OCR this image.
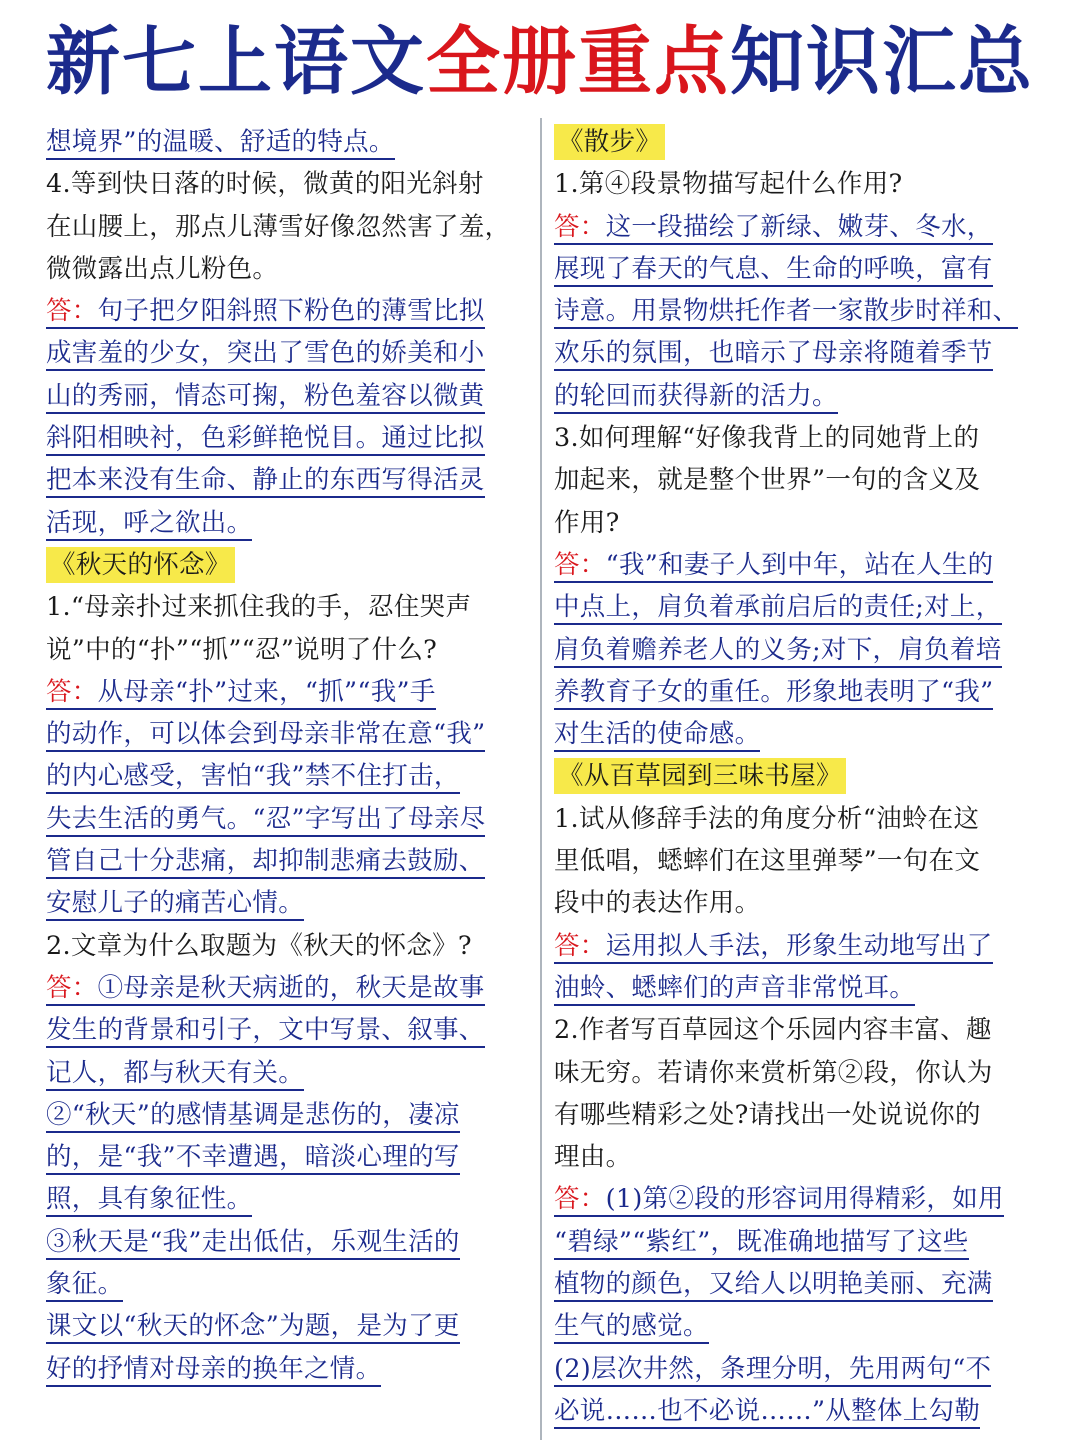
新七上语文 全册重点 知识汇总
想境界”的温暖、舒适的特点。
4.等到快日落的时候，微黄的阳光斜射
在山腰上，那点儿薄雪好像忽然害了羞，
微微露出点儿粉色。
答：句子把夕阳斜照下粉色的薄雪比拟
成害羞的少女，突出了雪色的娇美和小
山的秀丽，情态可掬，粉色羞容以微黄
斜阳相映衬，色彩鲜艳悦目。通过比拟
把本来没有生命、静止的东西写得活灵
活现，呼之欲出。
《秋天的怀念》
1.“母亲扑过来抓住我的手，忍住哭声
说”中的“扑”“抓”“忍”说明了什么?
答：从母亲“扑”过来，“抓”“我”手
的动作，可以体会到母亲非常在意“我”
的内心感受，害怕“我”禁不住打击，
失去生活的勇气。“忍”字写出了母亲尽
管自己十分悲痛，却抑制悲痛去鼓励、
安慰儿子的痛苦心情。
2.文章为什么取题为《秋天的怀念》?
答：①母亲是秋天病逝的，秋天是故事
发生的背景和引子，文中写景、叙事、
记人，都与秋天有关。
②“秋天”的感情基调是悲伤的，凄凉
的，是“我”不幸遭遇，暗淡心理的写
照，具有象征性。
③秋天是“我”走出低估，乐观生活的
象征。
课文以“秋天的怀念”为题，是为了更
好的抒情对母亲的换年之情。
《散步》
1.第④段景物描写起什么作用?
答：这一段描绘了新绿、嫩芽、冬水，
展现了春天的气息、生命的呼唤，富有
诗意。用景物烘托作者一家散步时祥和、
欢乐的氛围，也暗示了母亲将随着季节
的轮回而获得新的活力。
3.如何理解“好像我背上的同她背上的
加起来，就是整个世界”一句的含义及
作用?
答：“我”和妻子人到中年，站在人生的
中点上，肩负着承前启后的责任;对上，
肩负着赡养老人的义务;对下，肩负着培
养教育子女的重任。形象地表明了“我”
对生活的使命感。
《从百草园到三味书屋》
1.试从修辞手法的角度分析“油蛉在这
里低唱，蟋蟀们在这里弹琴”一句在文
段中的表达作用。
答：运用拟人手法，形象生动地写出了
油蛉、蟋蟀们的声音非常悦耳。
2.作者写百草园这个乐园内容丰富、趣
味无穷。若请你来赏析第②段，你认为
有哪些精彩之处?请找出一处说说你的
理由。
答：(1)第②段的形容词用得精彩，如用
“碧绿”“紫红”，既准确地描写了这些
植物的颜色，又给人以明艳美丽、充满
生气的感觉。
(2)层次井然，条理分明，先用两句“不
必说……也不必说……”从整体上勾勒
